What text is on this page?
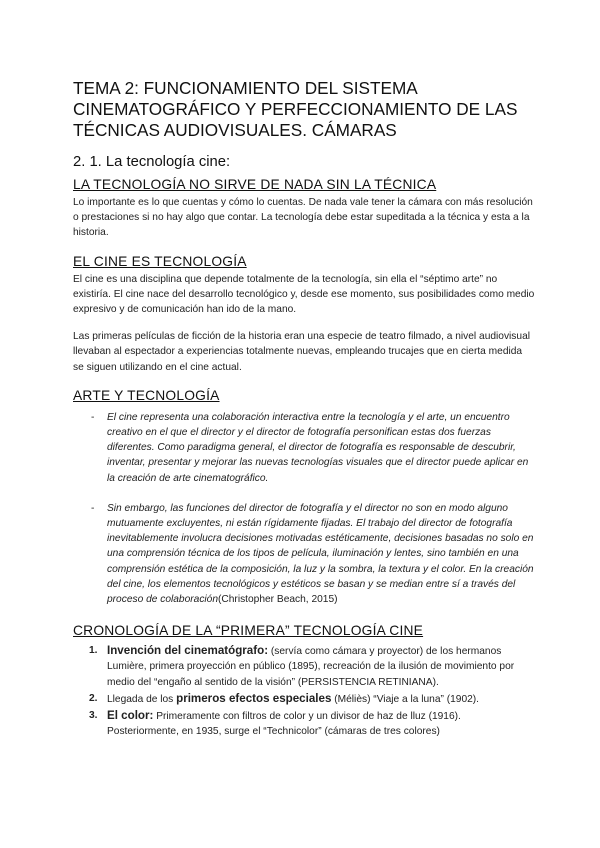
TEMA 2: FUNCIONAMIENTO DEL SISTEMA CINEMATOGRÁFICO Y PERFECCIONAMIENTO DE LAS TÉCNICAS AUDIOVISUALES. CÁMARAS
2. 1. La tecnología cine:
LA TECNOLOGÍA NO SIRVE DE NADA SIN LA TÉCNICA

Lo importante es lo que cuentas y cómo lo cuentas. De nada vale tener la cámara con más resolución o prestaciones si no hay algo que contar. La tecnología debe estar supeditada a la técnica y esta a la historia.

EL CINE ES TECNOLOGÍA

El cine es una disciplina que depende totalmente de la tecnología, sin ella el “séptimo arte” no existiría. El cine nace del desarrollo tecnológico y, desde ese momento, sus posibilidades como medio expresivo y de comunicación han ido de la mano.

Las primeras películas de ficción de la historia eran una especie de teatro filmado, a nivel audiovisual llevaban al espectador a experiencias totalmente nuevas, empleando trucajes que en cierta medida se siguen utilizando en el cine actual.

ARTE Y TECNOLOGÍA
- El cine representa una colaboración interactiva entre la tecnología y el arte, un encuentro creativo en el que el director y el director de fotografía personifican estas dos fuerzas diferentes. Como paradigma general, el director de fotografía es responsable de descubrir, inventar, presentar y mejorar las nuevas tecnologías visuales que el director puede aplicar en la creación de arte cinematográfico.
- Sin embargo, las funciones del director de fotografía y el director no son en modo alguno mutuamente excluyentes, ni están rígidamente fijadas. El trabajo del director de fotografía inevitablemente involucra decisiones motivadas estéticamente, decisiones basadas no solo en una comprensión técnica de los tipos de película, iluminación y lentes, sino también en una comprensión estética de la composición, la luz y la sombra, la textura y el color. En la creación del cine, los elementos tecnológicos y estéticos se basan y se median entre sí a través del proceso de colaboración(Christopher Beach, 2015)
CRONOLOGÍA DE LA “PRIMERA” TECNOLOGÍA CINE
1. Invención del cinematógrafo: (servía como cámara y proyector) de los hermanos Lumière, primera proyección en público (1895), recreación de la ilusión de movimiento por medio del “engaño al sentido de la visión” (PERSISTENCIA RETINIANA).
2. Llegada de los primeros efectos especiales (Méliès) “Viaje a la luna” (1902).
3. El color: Primeramente con filtros de color y un divisor de haz de lluz (1916). Posteriormente, en 1935, surge el “Technicolor” (cámaras de tres colores)
